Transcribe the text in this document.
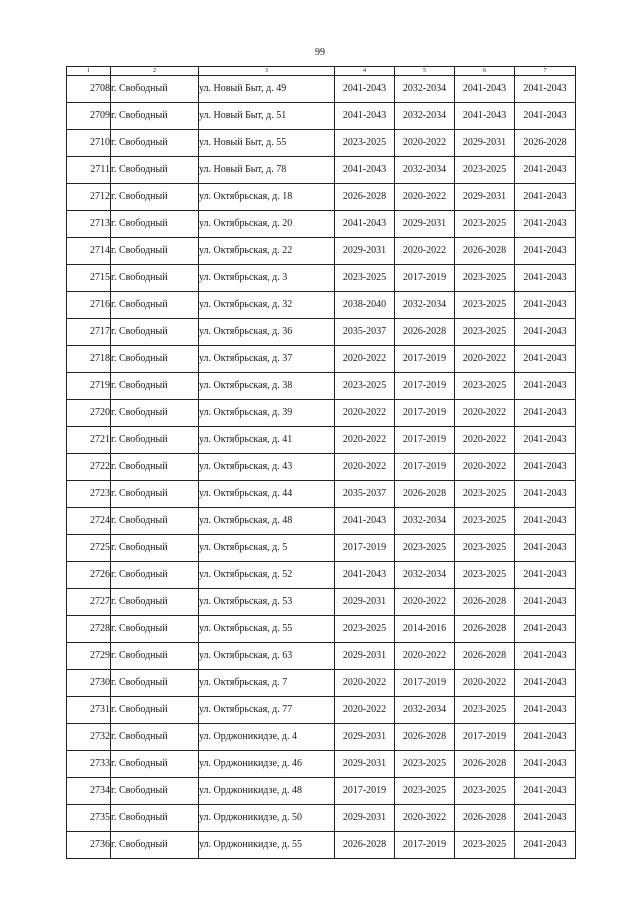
99
1	2	3	4	5	6	7
2708	г. Свободный	ул. Новый Быт, д. 49	2041-2043	2032-2034	2041-2043	2041-2043
2709	г. Свободный	ул. Новый Быт, д. 51	2041-2043	2032-2034	2041-2043	2041-2043
2710	г. Свободный	ул. Новый Быт, д. 55	2023-2025	2020-2022	2029-2031	2026-2028
2711	г. Свободный	ул. Новый Быт, д. 78	2041-2043	2032-2034	2023-2025	2041-2043
2712	г. Свободный	ул. Октябрьская, д. 18	2026-2028	2020-2022	2029-2031	2041-2043
2713	г. Свободный	ул. Октябрьская, д. 20	2041-2043	2029-2031	2023-2025	2041-2043
2714	г. Свободный	ул. Октябрьская, д. 22	2029-2031	2020-2022	2026-2028	2041-2043
2715	г. Свободный	ул. Октябрьская, д. 3	2023-2025	2017-2019	2023-2025	2041-2043
2716	г. Свободный	ул. Октябрьская, д. 32	2038-2040	2032-2034	2023-2025	2041-2043
2717	г. Свободный	ул. Октябрьская, д. 36	2035-2037	2026-2028	2023-2025	2041-2043
2718	г. Свободный	ул. Октябрьская, д. 37	2020-2022	2017-2019	2020-2022	2041-2043
2719	г. Свободный	ул. Октябрьская, д. 38	2023-2025	2017-2019	2023-2025	2041-2043
2720	г. Свободный	ул. Октябрьская, д. 39	2020-2022	2017-2019	2020-2022	2041-2043
2721	г. Свободный	ул. Октябрьская, д. 41	2020-2022	2017-2019	2020-2022	2041-2043
2722	г. Свободный	ул. Октябрьская, д. 43	2020-2022	2017-2019	2020-2022	2041-2043
2723	г. Свободный	ул. Октябрьская, д. 44	2035-2037	2026-2028	2023-2025	2041-2043
2724	г. Свободный	ул. Октябрьская, д. 48	2041-2043	2032-2034	2023-2025	2041-2043
2725	г. Свободный	ул. Октябрьская, д. 5	2017-2019	2023-2025	2023-2025	2041-2043
2726	г. Свободный	ул. Октябрьская, д. 52	2041-2043	2032-2034	2023-2025	2041-2043
2727	г. Свободный	ул. Октябрьская, д. 53	2029-2031	2020-2022	2026-2028	2041-2043
2728	г. Свободный	ул. Октябрьская, д. 55	2023-2025	2014-2016	2026-2028	2041-2043
2729	г. Свободный	ул. Октябрьская, д. 63	2029-2031	2020-2022	2026-2028	2041-2043
2730	г. Свободный	ул. Октябрьская, д. 7	2020-2022	2017-2019	2020-2022	2041-2043
2731	г. Свободный	ул. Октябрьская, д. 77	2020-2022	2032-2034	2023-2025	2041-2043
2732	г. Свободный	ул. Орджоникидзе, д. 4	2029-2031	2026-2028	2017-2019	2041-2043
2733	г. Свободный	ул. Орджоникидзе, д. 46	2029-2031	2023-2025	2026-2028	2041-2043
2734	г. Свободный	ул. Орджоникидзе, д. 48	2017-2019	2023-2025	2023-2025	2041-2043
2735	г. Свободный	ул. Орджоникидзе, д. 50	2029-2031	2020-2022	2026-2028	2041-2043
2736	г. Свободный	ул. Орджоникидзе, д. 55	2026-2028	2017-2019	2023-2025	2041-2043
